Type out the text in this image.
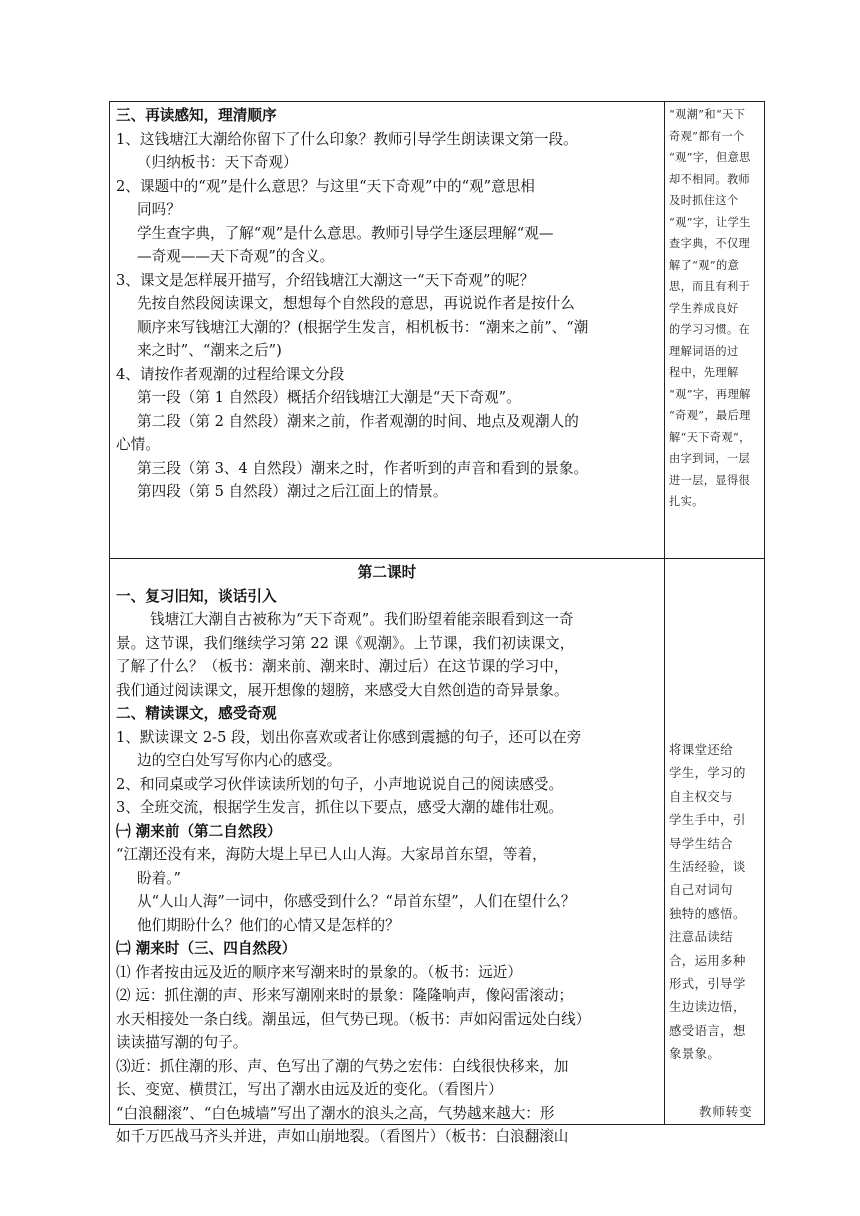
三、再读感知，理清顺序

1、这钱塘江大潮给你留下了什么印象？教师引导学生朗读课文第一段。

（归纳板书：天下奇观）

2、课题中的“观”是什么意思？与这里“天下奇观”中的“观”意思相

同吗？

学生查字典，了解“观”是什么意思。教师引导学生逐层理解“观—

—奇观——天下奇观”的含义。

3、课文是怎样展开描写，介绍钱塘江大潮这一“天下奇观”的呢？

先按自然段阅读课文，想想每个自然段的意思，再说说作者是按什么

顺序来写钱塘江大潮的？(根据学生发言，相机板书：“潮来之前”、“潮

来之时”、“潮来之后”)

4、请按作者观潮的过程给课文分段

第一段（第 1 自然段）概括介绍钱塘江大潮是“天下奇观”。

第二段（第 2 自然段）潮来之前，作者观潮的时间、地点及观潮人的

心情。

第三段（第 3、4 自然段）潮来之时，作者听到的声音和看到的景象。

第四段（第 5 自然段）潮过之后江面上的情景。

“观潮”和“天下

奇观”都有一个

“观”字，但意思

却不相同。教师

及时抓住这个

“观”字，让学生

查字典，不仅理

解了“观”的意

思，而且有利于

学生养成良好

的学习习惯。在

理解词语的过

程中，先理解

“观”字，再理解

“奇观”，最后理

解“天下奇观”，

由字到词，一层

进一层，显得很

扎实。

第二课时

一、复习旧知，谈话引入

钱塘江大潮自古被称为“天下奇观”。我们盼望着能亲眼看到这一奇

景。这节课，我们继续学习第 22 课《观潮》。上节课，我们初读课文，

了解了什么？（板书：潮来前、潮来时、潮过后）在这节课的学习中，

我们通过阅读课文，展开想像的翅膀，来感受大自然创造的奇异景象。

二、精读课文，感受奇观

1、默读课文 2-5 段，划出你喜欢或者让你感到震撼的句子，还可以在旁

边的空白处写写你内心的感受。

2、和同桌或学习伙伴读读所划的句子，小声地说说自己的阅读感受。

3、全班交流，根据学生发言，抓住以下要点，感受大潮的雄伟壮观。

㈠ 潮来前（第二自然段）

“江潮还没有来，海防大堤上早已人山人海。大家昂首东望，等着，

盼着。”

从“人山人海”一词中，你感受到什么？“昂首东望”，人们在望什么？

他们期盼什么？他们的心情又是怎样的？

㈡ 潮来时（三、四自然段）

⑴ 作者按由远及近的顺序来写潮来时的景象的。（板书：远近）

⑵ 远：抓住潮的声、形来写潮刚来时的景象：隆隆响声，像闷雷滚动；

水天相接处一条白线。潮虽远，但气势已现。（板书：声如闷雷远处白线）

读读描写潮的句子。

⑶近：抓住潮的形、声、色写出了潮的气势之宏伟：白线很快移来，加

长、变宽、横贯江，写出了潮水由远及近的变化。（看图片）

“白浪翻滚”、“白色城墙”写出了潮水的浪头之高，气势越来越大：形

如千万匹战马齐头并进，声如山崩地裂。（看图片）（板书：白浪翻滚山

将课堂还给

学生，学习的

自主权交与

学生手中，引

导学生结合

生活经验，谈

自己对词句

独特的感悟。

注意品读结

合，运用多种

形式，引导学

生边读边悟，

感受语言，想

象景象。

教师转变
